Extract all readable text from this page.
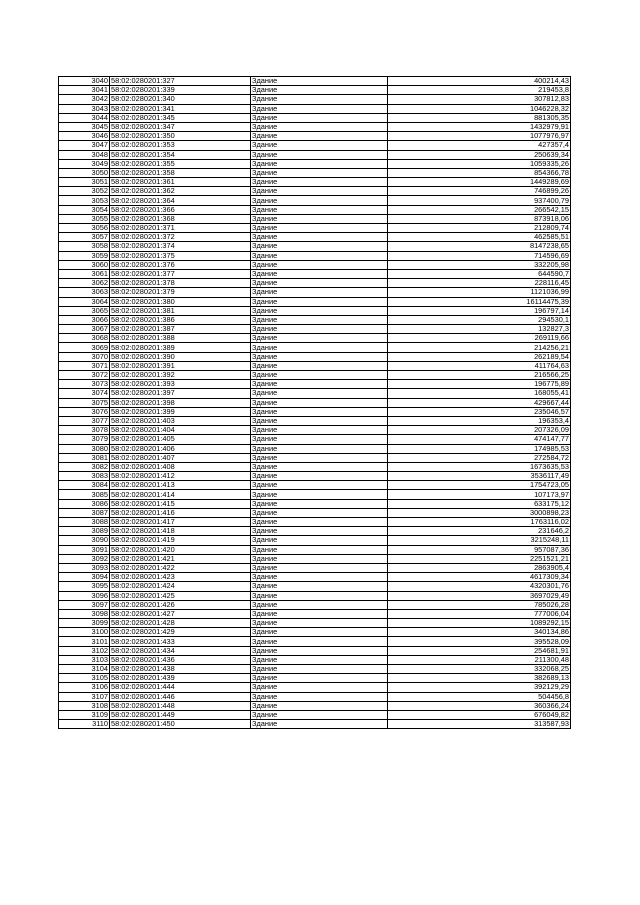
3040	58:02:0280201:327	Здание	400214,43
3041	58:02:0280201:339	Здание	219453,8
3042	58:02:0280201:340	Здание	307812,83
3043	58:02:0280201:341	Здание	1046228,32
3044	58:02:0280201:345	Здание	881305,35
3045	58:02:0280201:347	Здание	1432979,91
3046	58:02:0280201:350	Здание	1077976,97
3047	58:02:0280201:353	Здание	427357,4
3048	58:02:0280201:354	Здание	250639,34
3049	58:02:0280201:355	Здание	1059335,26
3050	58:02:0280201:358	Здание	854366,78
3051	58:02:0280201:361	Здание	1449289,69
3052	58:02:0280201:362	Здание	746899,26
3053	58:02:0280201:364	Здание	937400,79
3054	58:02:0280201:366	Здание	266542,15
3055	58:02:0280201:368	Здание	873918,06
3056	58:02:0280201:371	Здание	212809,74
3057	58:02:0280201:372	Здание	462585,51
3058	58:02:0280201:374	Здание	8147238,65
3059	58:02:0280201:375	Здание	714596,69
3060	58:02:0280201:376	Здание	332205,98
3061	58:02:0280201:377	Здание	644590,7
3062	58:02:0280201:378	Здание	228116,45
3063	58:02:0280201:379	Здание	1121036,99
3064	58:02:0280201:380	Здание	16114475,39
3065	58:02:0280201:381	Здание	196797,14
3066	58:02:0280201:386	Здание	294530,1
3067	58:02:0280201:387	Здание	132827,3
3068	58:02:0280201:388	Здание	269119,66
3069	58:02:0280201:389	Здание	214256,21
3070	58:02:0280201:390	Здание	262189,54
3071	58:02:0280201:391	Здание	411764,63
3072	58:02:0280201:392	Здание	216566,25
3073	58:02:0280201:393	Здание	196775,89
3074	58:02:0280201:397	Здание	168055,41
3075	58:02:0280201:398	Здание	429667,44
3076	58:02:0280201:399	Здание	235046,57
3077	58:02:0280201:403	Здание	196353,4
3078	58:02:0280201:404	Здание	207326,09
3079	58:02:0280201:405	Здание	474147,77
3080	58:02:0280201:406	Здание	174985,53
3081	58:02:0280201:407	Здание	272584,72
3082	58:02:0280201:408	Здание	1673635,53
3083	58:02:0280201:412	Здание	3536117,49
3084	58:02:0280201:413	Здание	1754723,05
3085	58:02:0280201:414	Здание	107173,97
3086	58:02:0280201:415	Здание	633175,12
3087	58:02:0280201:416	Здание	3000898,23
3088	58:02:0280201:417	Здание	1763116,02
3089	58:02:0280201:418	Здание	231646,2
3090	58:02:0280201:419	Здание	3215248,11
3091	58:02:0280201:420	Здание	957087,36
3092	58:02:0280201:421	Здание	2251521,21
3093	58:02:0280201:422	Здание	2863905,4
3094	58:02:0280201:423	Здание	4617309,34
3095	58:02:0280201:424	Здание	4320301,76
3096	58:02:0280201:425	Здание	3697029,49
3097	58:02:0280201:426	Здание	785026,28
3098	58:02:0280201:427	Здание	777006,04
3099	58:02:0280201:428	Здание	1089292,15
3100	58:02:0280201:429	Здание	340134,86
3101	58:02:0280201:433	Здание	395528,09
3102	58:02:0280201:434	Здание	254681,91
3103	58:02:0280201:436	Здание	211300,48
3104	58:02:0280201:438	Здание	332068,25
3105	58:02:0280201:439	Здание	382689,13
3106	58:02:0280201:444	Здание	392129,29
3107	58:02:0280201:446	Здание	504456,8
3108	58:02:0280201:448	Здание	360366,24
3109	58:02:0280201:449	Здание	676049,82
3110	58:02:0280201:450	Здание	313587,93
